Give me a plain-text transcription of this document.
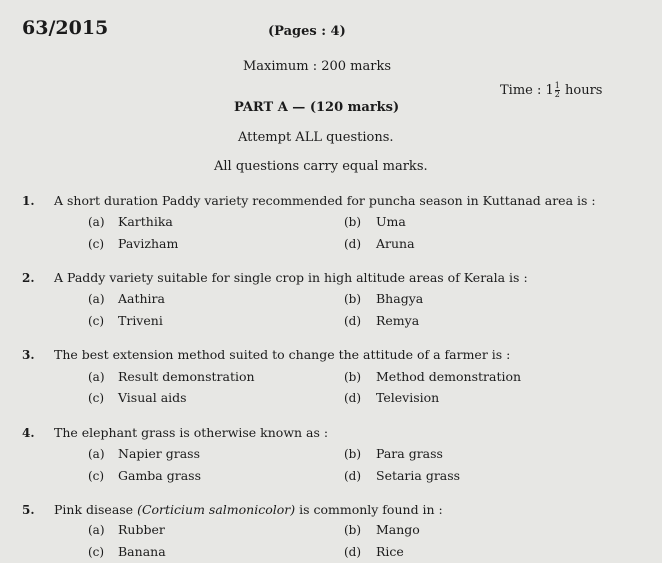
63/2015	(Pages : 4)
Maximum : 200 marks
Time : $1 \frac{1}{2}$ hours
PART A — (120 marks)
Attempt ALL questions.
All questions carry equal marks.
1. A short duration Paddy variety recommended for puncha season in Kuttanad area is :
(a) Karthika	(b) Uma
(c) Pavizham	(d) Aruna
2. A Paddy variety suitable for single crop in high altitude areas of Kerala is :
(a) Aathira	(b) Bhagya
(c) Triveni	(d) Remya
3. The best extension method suited to change the attitude of a farmer is :
(a) Result demonstration	(b) Method demonstration
(c) Visual aids	(d) Television
4. The elephant grass is otherwise known as :
(a) Napier grass	(b) Para grass
(c) Gamba grass	(d) Setaria grass
5. Pink disease (Corticium salmonicolor) is commonly found in :
(a) Rubber	(b) Mango
(c) Banana	(d) Rice
